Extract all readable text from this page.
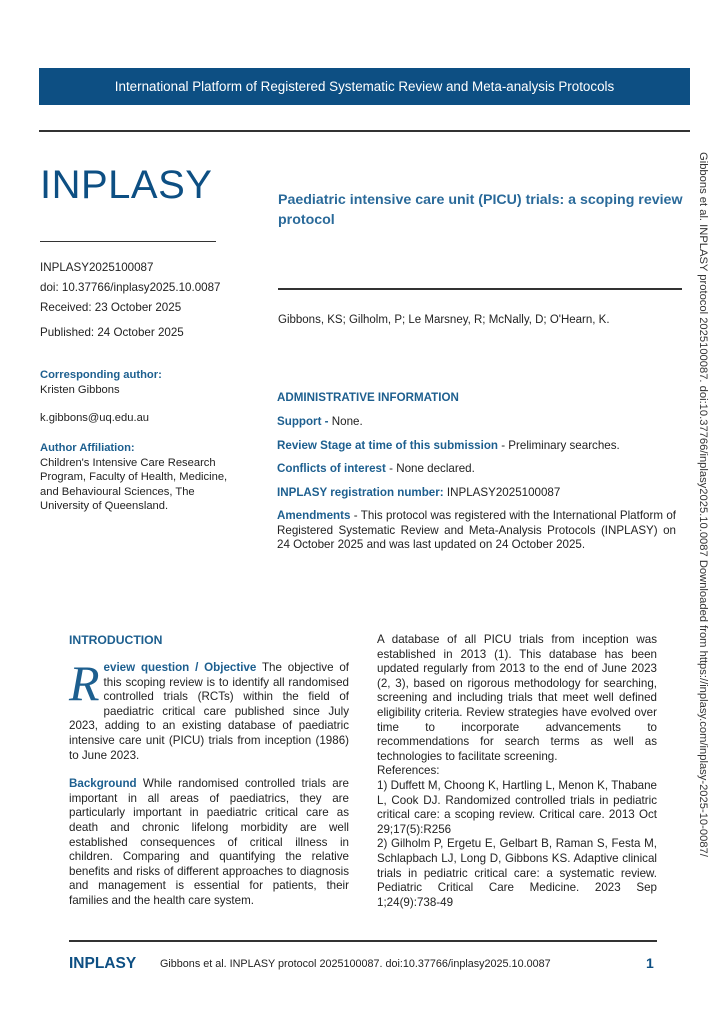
International Platform of Registered Systematic Review and Meta-analysis Protocols
INPLASY
INPLASY2025100087
doi: 10.37766/inplasy2025.10.0087
Received: 23 October 2025
Published: 24 October 2025
Corresponding author:
Kristen Gibbons
k.gibbons@uq.edu.au
Author Affiliation:
Children's Intensive Care Research Program, Faculty of Health, Medicine, and Behavioural Sciences, The University of Queensland.
Paediatric intensive care unit (PICU) trials: a scoping review protocol
Gibbons, KS; Gilholm, P; Le Marsney, R; McNally, D; O'Hearn, K.
ADMINISTRATIVE INFORMATION
Support - None.
Review Stage at time of this submission - Preliminary searches.
Conflicts of interest - None declared.
INPLASY registration number: INPLASY2025100087
Amendments - This protocol was registered with the International Platform of Registered Systematic Review and Meta-Analysis Protocols (INPLASY) on 24 October 2025 and was last updated on 24 October 2025.
INTRODUCTION

R eview question / Objective The objective of this scoping review is to identify all randomised controlled trials (RCTs) within the field of paediatric critical care published since July 2023, adding to an existing database of paediatric intensive care unit (PICU) trials from inception (1986) to June 2023.

Background While randomised controlled trials are important in all areas of paediatrics, they are particularly important in paediatric critical care as death and chronic lifelong morbidity are well established consequences of critical illness in children. Comparing and quantifying the relative benefits and risks of different approaches to diagnosis and management is essential for patients, their families and the health care system.

A database of all PICU trials from inception was established in 2013 (1). This database has been updated regularly from 2013 to the end of June 2023 (2, 3), based on rigorous methodology for searching, screening and including trials that meet well defined eligibility criteria. Review strategies have evolved over time to incorporate advancements to recommendations for search terms as well as technologies to facilitate screening.

References:

1) Duffett M, Choong K, Hartling L, Menon K, Thabane L, Cook DJ. Randomized controlled trials in pediatric critical care: a scoping review. Critical care. 2013 Oct 29;17(5):R256

2) Gilholm P, Ergetu E, Gelbart B, Raman S, Festa M, Schlapbach LJ, Long D, Gibbons KS. Adaptive clinical trials in pediatric critical care: a systematic review. Pediatric Critical Care Medicine. 2023 Sep 1;24(9):738-49

Gibbons et al. INPLASY protocol 2025100087. doi:10.37766/inplasy2025.10.0087 Downloaded from https://inplasy.com/inplasy-2025-10-0087/
INPLASY Gibbons et al. INPLASY protocol 2025100087. doi:10.37766/inplasy2025.10.0087	1
